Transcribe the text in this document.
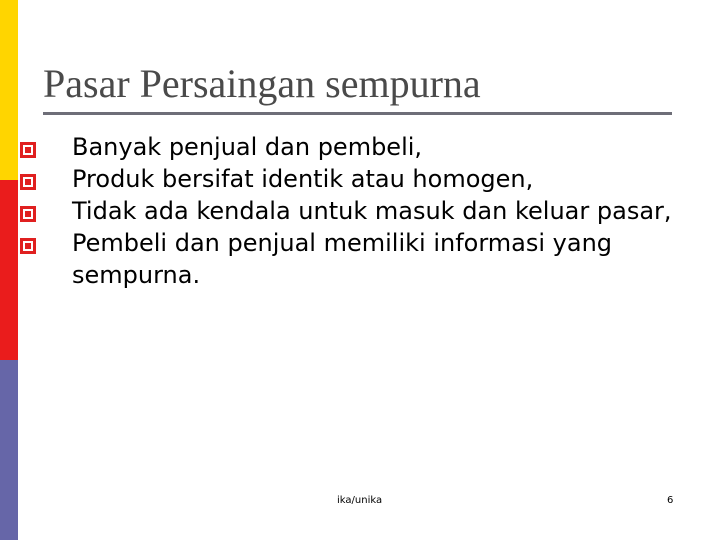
Pasar Persaingan sempurna
Banyak penjual dan pembeli,
Produk bersifat identik atau homogen,
Tidak ada kendala untuk masuk dan keluar pasar,
Pembeli dan penjual memiliki informasi yang sempurna.
ika/unika	6
